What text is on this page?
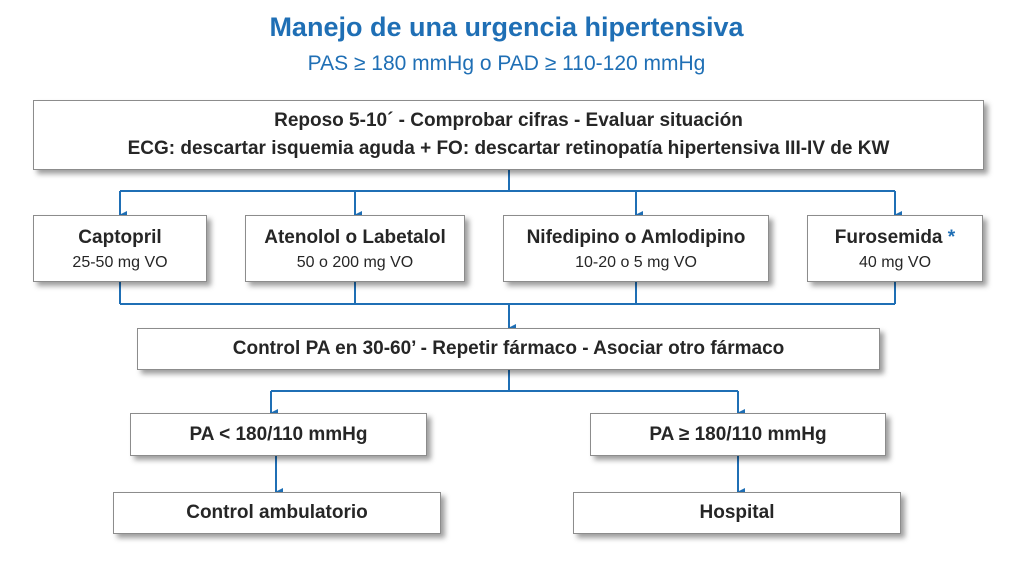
Manejo de una urgencia hipertensiva
PAS ≥ 180 mmHg o PAD ≥ 110-120 mmHg
Reposo 5-10´ - Comprobar cifras - Evaluar situación
ECG: descartar isquemia aguda + FO: descartar retinopatía hipertensiva III-IV de KW
Captopril
25-50 mg VO
Atenolol o Labetalol
50 o 200 mg VO
Nifedipino o Amlodipino
10-20 o 5 mg VO
Furosemida *
40 mg VO
Control PA en 30-60’ - Repetir fármaco - Asociar otro fármaco
PA < 180/110 mmHg	PA ≥ 180/110 mmHg
Control ambulatorio	Hospital
